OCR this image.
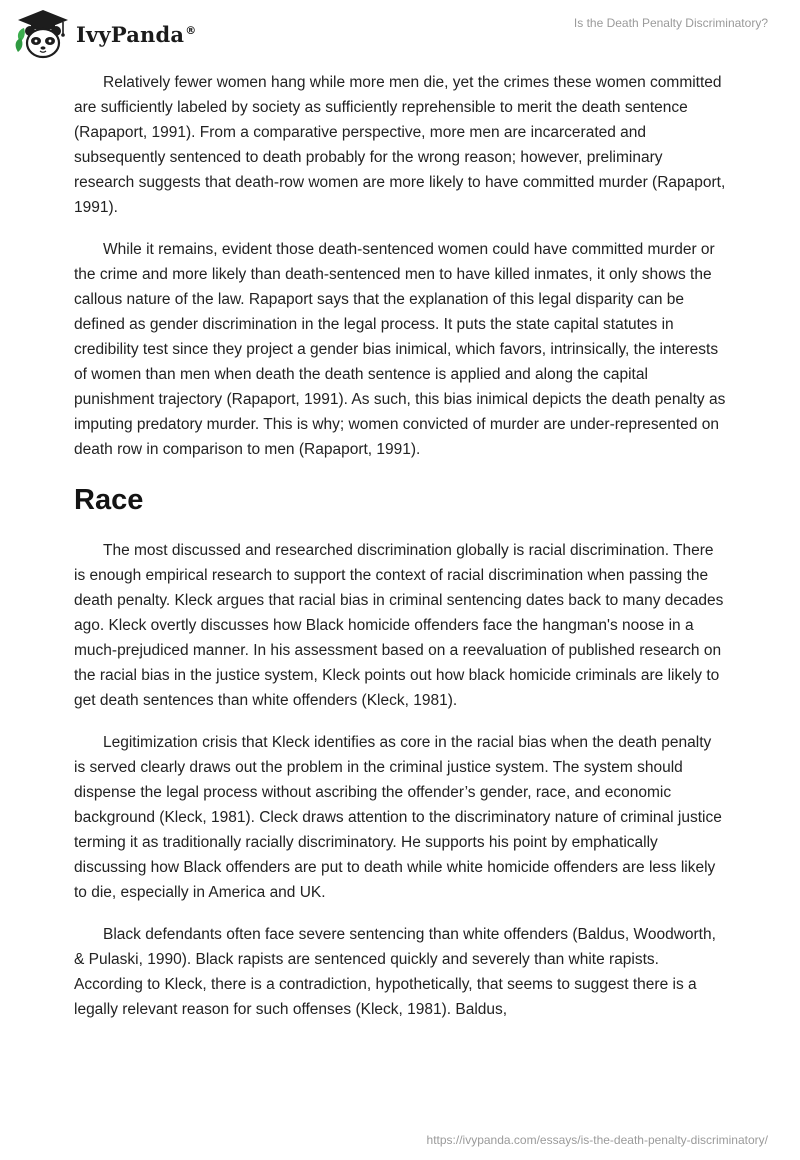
IvyPanda®	Is the Death Penalty Discriminatory?

Relatively fewer women hang while more men die, yet the crimes these women committed are sufficiently labeled by society as sufficiently reprehensible to merit the death sentence (Rapaport, 1991). From a comparative perspective, more men are incarcerated and subsequently sentenced to death probably for the wrong reason; however, preliminary research suggests that death-row women are more likely to have committed murder (Rapaport, 1991).

While it remains, evident those death-sentenced women could have committed murder or the crime and more likely than death-sentenced men to have killed inmates, it only shows the callous nature of the law. Rapaport says that the explanation of this legal disparity can be defined as gender discrimination in the legal process. It puts the state capital statutes in credibility test since they project a gender bias inimical, which favors, intrinsically, the interests of women than men when death the death sentence is applied and along the capital punishment trajectory (Rapaport, 1991). As such, this bias inimical depicts the death penalty as imputing predatory murder. This is why; women convicted of murder are under-represented on death row in comparison to men (Rapaport, 1991).

Race

The most discussed and researched discrimination globally is racial discrimination. There is enough empirical research to support the context of racial discrimination when passing the death penalty. Kleck argues that racial bias in criminal sentencing dates back to many decades ago. Kleck overtly discusses how Black homicide offenders face the hangman's noose in a much-prejudiced manner. In his assessment based on a reevaluation of published research on the racial bias in the justice system, Kleck points out how black homicide criminals are likely to get death sentences than white offenders (Kleck, 1981).

Legitimization crisis that Kleck identifies as core in the racial bias when the death penalty is served clearly draws out the problem in the criminal justice system. The system should dispense the legal process without ascribing the offender’s gender, race, and economic background (Kleck, 1981). Cleck draws attention to the discriminatory nature of criminal justice terming it as traditionally racially discriminatory. He supports his point by emphatically discussing how Black offenders are put to death while white homicide offenders are less likely to die, especially in America and UK.

Black defendants often face severe sentencing than white offenders (Baldus, Woodworth, & Pulaski, 1990). Black rapists are sentenced quickly and severely than white rapists. According to Kleck, there is a contradiction, hypothetically, that seems to suggest there is a legally relevant reason for such offenses (Kleck, 1981). Baldus,

https://ivypanda.com/essays/is-the-death-penalty-discriminatory/
